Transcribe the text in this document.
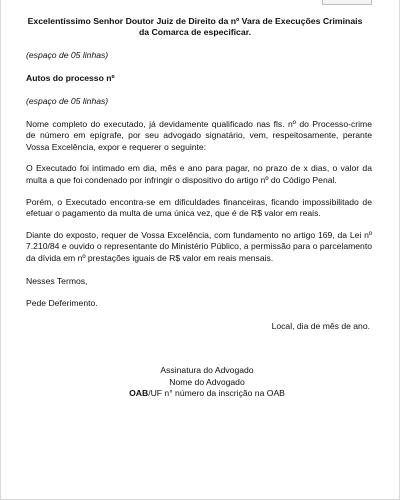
Excelentíssimo Senhor Doutor Juiz de Direito da nº Vara de Execuções Criminais da Comarca de especificar.

(espaço de 05 linhas)

Autos do processo nº

(espaço de 05 linhas)

Nome completo do executado, já devidamente qualificado nas fls. nº do Processo-crime de número em epígrafe, por seu advogado signatário, vem, respeitosamente, perante Vossa Excelência, expor e requerer o seguinte:

O Executado foi intimado em dia, mês e ano para pagar, no prazo de x dias, o valor da multa a que foi condenado por infringir o dispositivo do artigo nº do Código Penal.

Porém, o Executado encontra-se em dificuldades financeiras, ficando impossibilitado de efetuar o pagamento da multa de uma única vez, que é de R$ valor em reais.

Diante do exposto, requer de Vossa Excelência, com fundamento no artigo 169, da Lei nº 7.210/84 e ouvido o representante do Ministério Público, a permissão para o parcelamento da dívida em nº prestações iguais de R$ valor em reais mensais.

Nesses Termos,

Pede Deferimento.

Local, dia de mês de ano.

Assinatura do Advogado

Nome do Advogado

OAB/UF n° número da inscrição na OAB
